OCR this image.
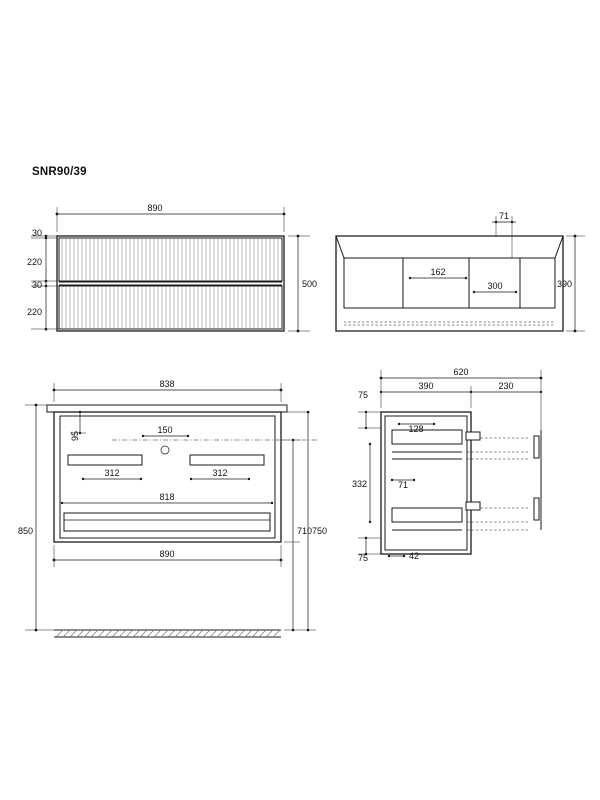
SNR90/39
890
30
220
30
220
500
71
162
300	390
150
838
95
312	312
818
890
850	710 750
620
390	230
75
128
332	71
75	42
